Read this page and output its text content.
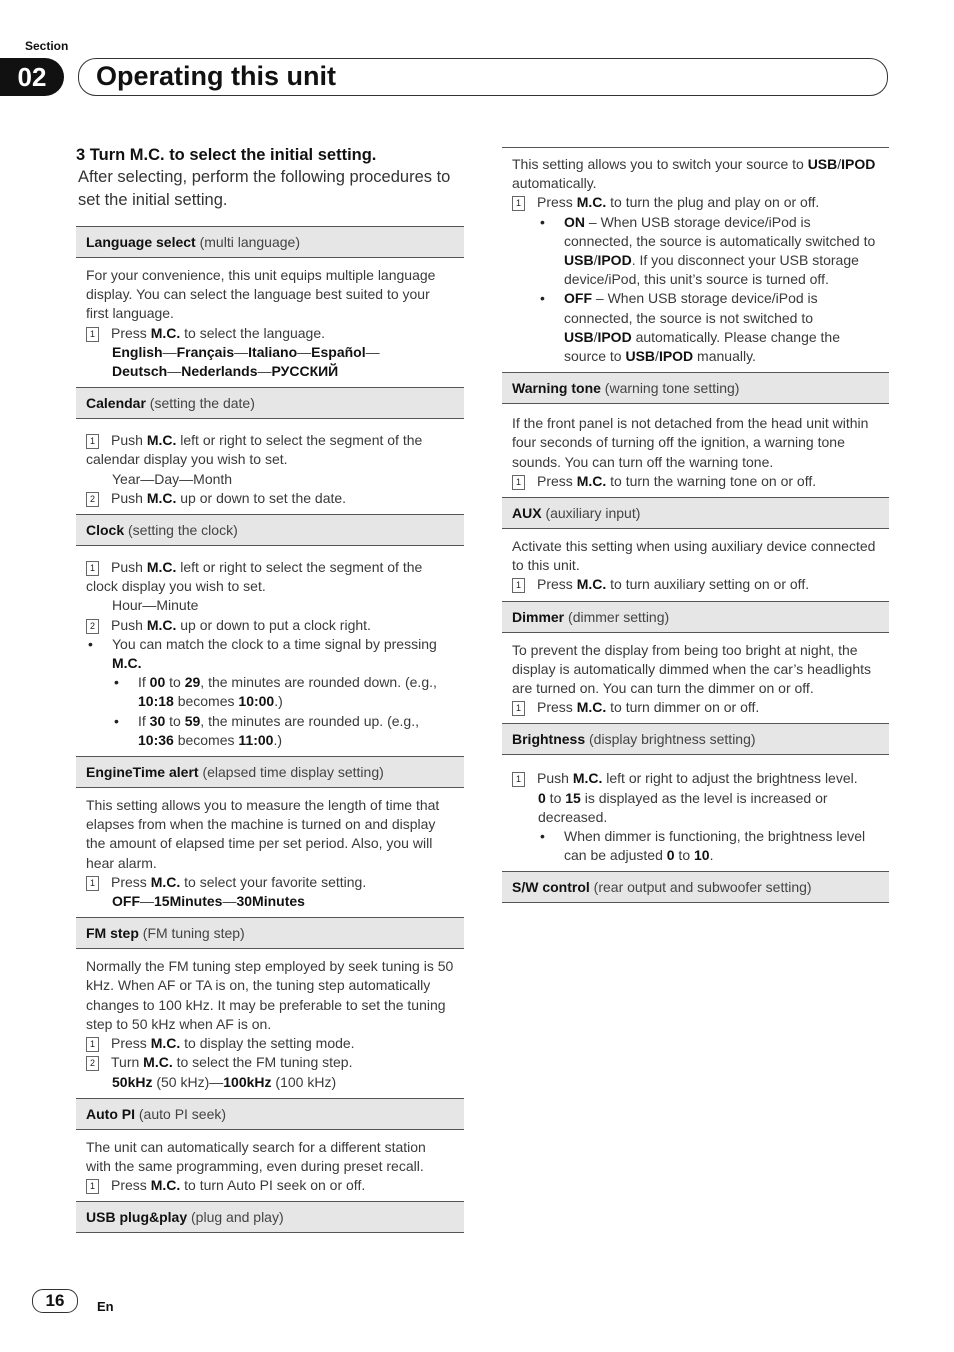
Section
02	Operating this unit

3 Turn M.C. to select the initial setting.

After selecting, perform the following procedures to set the initial setting.

Language select (multi language)

For your convenience, this unit equips multiple language display. You can select the language best suited to your first language.

1 Press M.C. to select the language.

English—Français—Italiano—Español—
Deutsch—Nederlands—РУССКИЙ

Calendar (setting the date)

1 Push M.C. left or right to select the segment of the calendar display you wish to set.

Year—Day—Month

2 Push M.C. up or down to set the date.

Clock (setting the clock)

1 Push M.C. left or right to select the segment of the clock display you wish to set.

Hour—Minute

2 Push M.C. up or down to put a clock right.

• You can match the clock to a time signal by pressing M.C.

• If 00 to 29, the minutes are rounded down. (e.g., 10:18 becomes 10:00.)

• If 30 to 59, the minutes are rounded up. (e.g., 10:36 becomes 11:00.)

EngineTime alert (elapsed time display setting)

This setting allows you to measure the length of time that elapses from when the machine is turned on and display the amount of elapsed time per set period. Also, you will hear alarm.

1 Press M.C. to select your favorite setting.

OFF—15Minutes—30Minutes

FM step (FM tuning step)

Normally the FM tuning step employed by seek tuning is 50 kHz. When AF or TA is on, the tuning step automatically changes to 100 kHz. It may be preferable to set the tuning step to 50 kHz when AF is on.

1 Press M.C. to display the setting mode.

2 Turn M.C. to select the FM tuning step.

50kHz (50 kHz)—100kHz (100 kHz)

Auto PI (auto PI seek)

The unit can automatically search for a different station with the same programming, even during preset recall.

1 Press M.C. to turn Auto PI seek on or off.

USB plug&play (plug and play)

This setting allows you to switch your source to USB/IPOD automatically.

1 Press M.C. to turn the plug and play on or off.

• ON – When USB storage device/iPod is connected, the source is automatically switched to USB/IPOD. If you disconnect your USB storage device/iPod, this unit’s source is turned off.

• OFF – When USB storage device/iPod is connected, the source is not switched to USB/IPOD automatically. Please change the source to USB/IPOD manually.

Warning tone (warning tone setting)

If the front panel is not detached from the head unit within four seconds of turning off the ignition, a warning tone sounds. You can turn off the warning tone.

1 Press M.C. to turn the warning tone on or off.

AUX (auxiliary input)

Activate this setting when using auxiliary device connected to this unit.

1 Press M.C. to turn auxiliary setting on or off.

Dimmer (dimmer setting)

To prevent the display from being too bright at night, the display is automatically dimmed when the car’s headlights are turned on. You can turn the dimmer on or off.

1 Press M.C. to turn dimmer on or off.

Brightness (display brightness setting)

1 Push M.C. left or right to adjust the brightness level.

0 to 15 is displayed as the level is increased or decreased.

• When dimmer is functioning, the brightness level can be adjusted 0 to 10.

S/W control (rear output and subwoofer setting)
16	En
